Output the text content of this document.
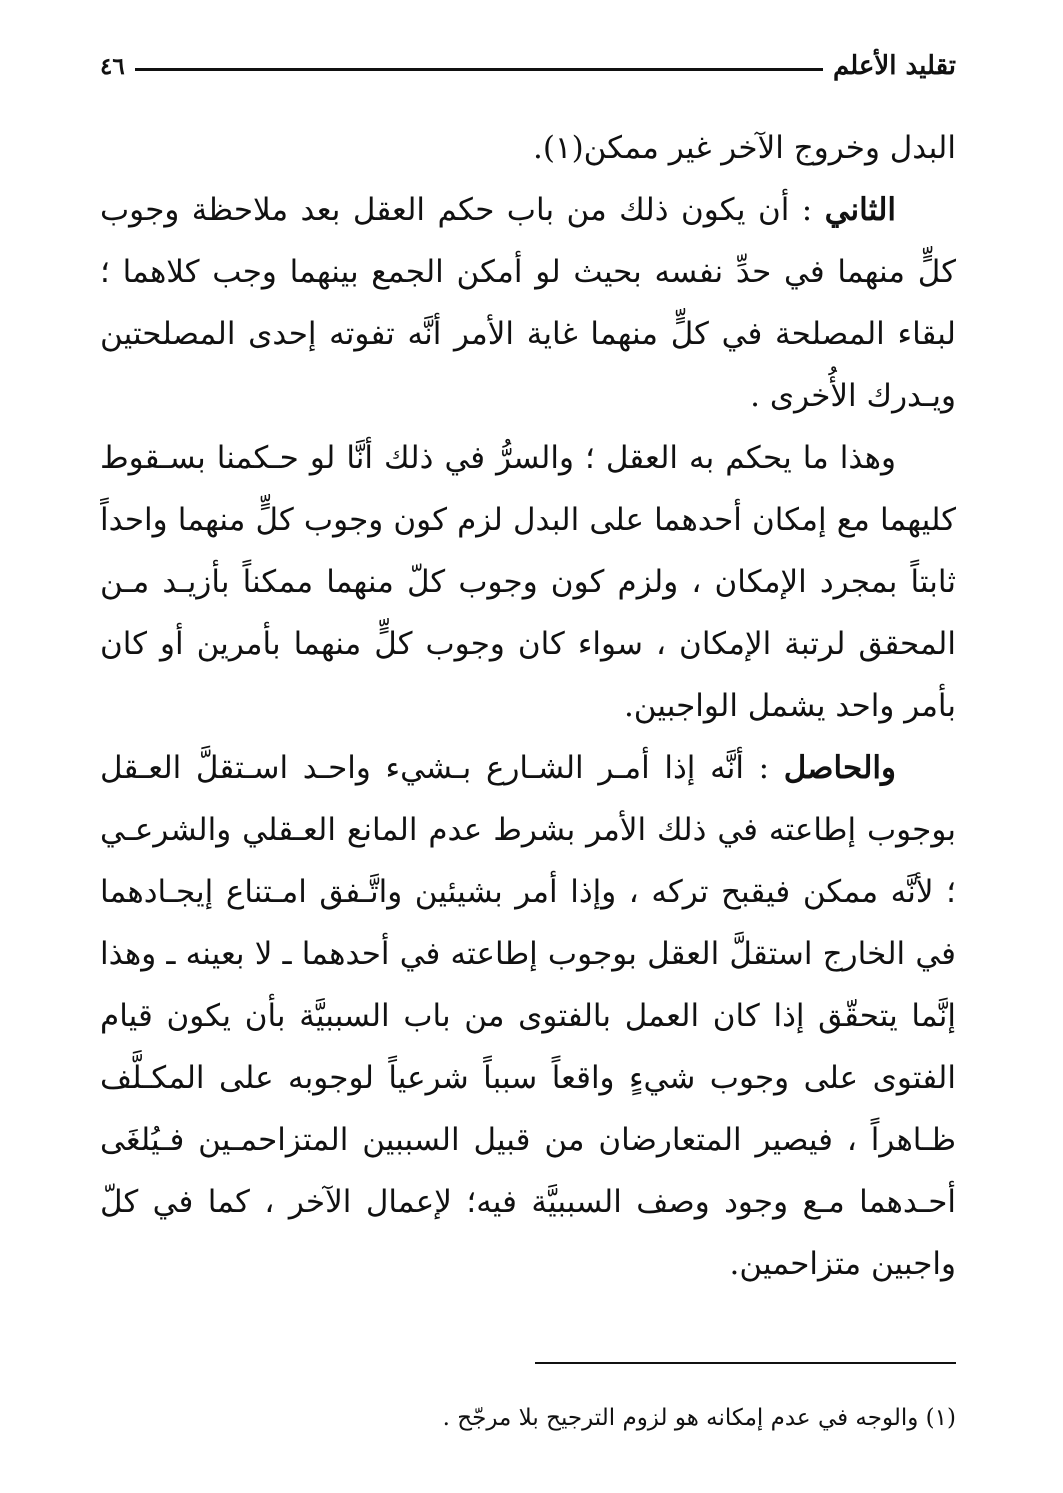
تقليد الأعلم
٤٦

البدل وخروج الآخر غير ممكن(١).

الثاني : أن يكون ذلك من باب حكم العقل بعد ملاحظة وجوب كلٍّ منهما في حدِّ نفسه بحيث لو أمكن الجمع بينهما وجب كلاهما ؛ لبقاء المصلحة في كلٍّ منهما غاية الأمر أنَّه تفوته إحدى المصلحتين ويـدرك الأُخرى .

وهذا ما يحكم به العقل ؛ والسرُّ في ذلك أنَّا لو حـكمنا بسـقوط كليهما مع إمكان أحدهما على البدل لزم كون وجوب كلٍّ منهما واحداً ثابتاً بمجرد الإمكان ، ولزم كون وجوب كلّ منهما ممكناً بأزيـد مـن المحقق لرتبة الإمكان ، سواء كان وجوب كلٍّ منهما بأمرين أو كان بأمر واحد يشمل الواجبين.

والحاصل : أنَّه إذا أمـر الشـارع بـشيء واحـد اسـتقلَّ العـقل بوجوب إطاعته في ذلك الأمر بشرط عدم المانع العـقلي والشرعـي ؛ لأنَّه ممكن فيقبح تركه ، وإذا أمر بشيئين واتَّـفق امـتناع إيجـادهما في الخارج استقلَّ العقل بوجوب إطاعته في أحدهما ـ لا بعينه ـ وهذا إنَّما يتحقّق إذا كان العمل بالفتوى من باب السببيَّة بأن يكون قيام الفتوى على وجوب شيءٍ واقعاً سبباً شرعياً لوجوبه على المكـلَّف ظـاهراً ، فيصير المتعارضان من قبيل السببين المتزاحمـين فـيُلغَى أحـدهما مـع وجود وصف السببيَّة فيه؛ لإعمال الآخر ، كما في كلّ واجبين متزاحمين.

(١) والوجه في عدم إمكانه هو لزوم الترجيح بلا مرجّح .
